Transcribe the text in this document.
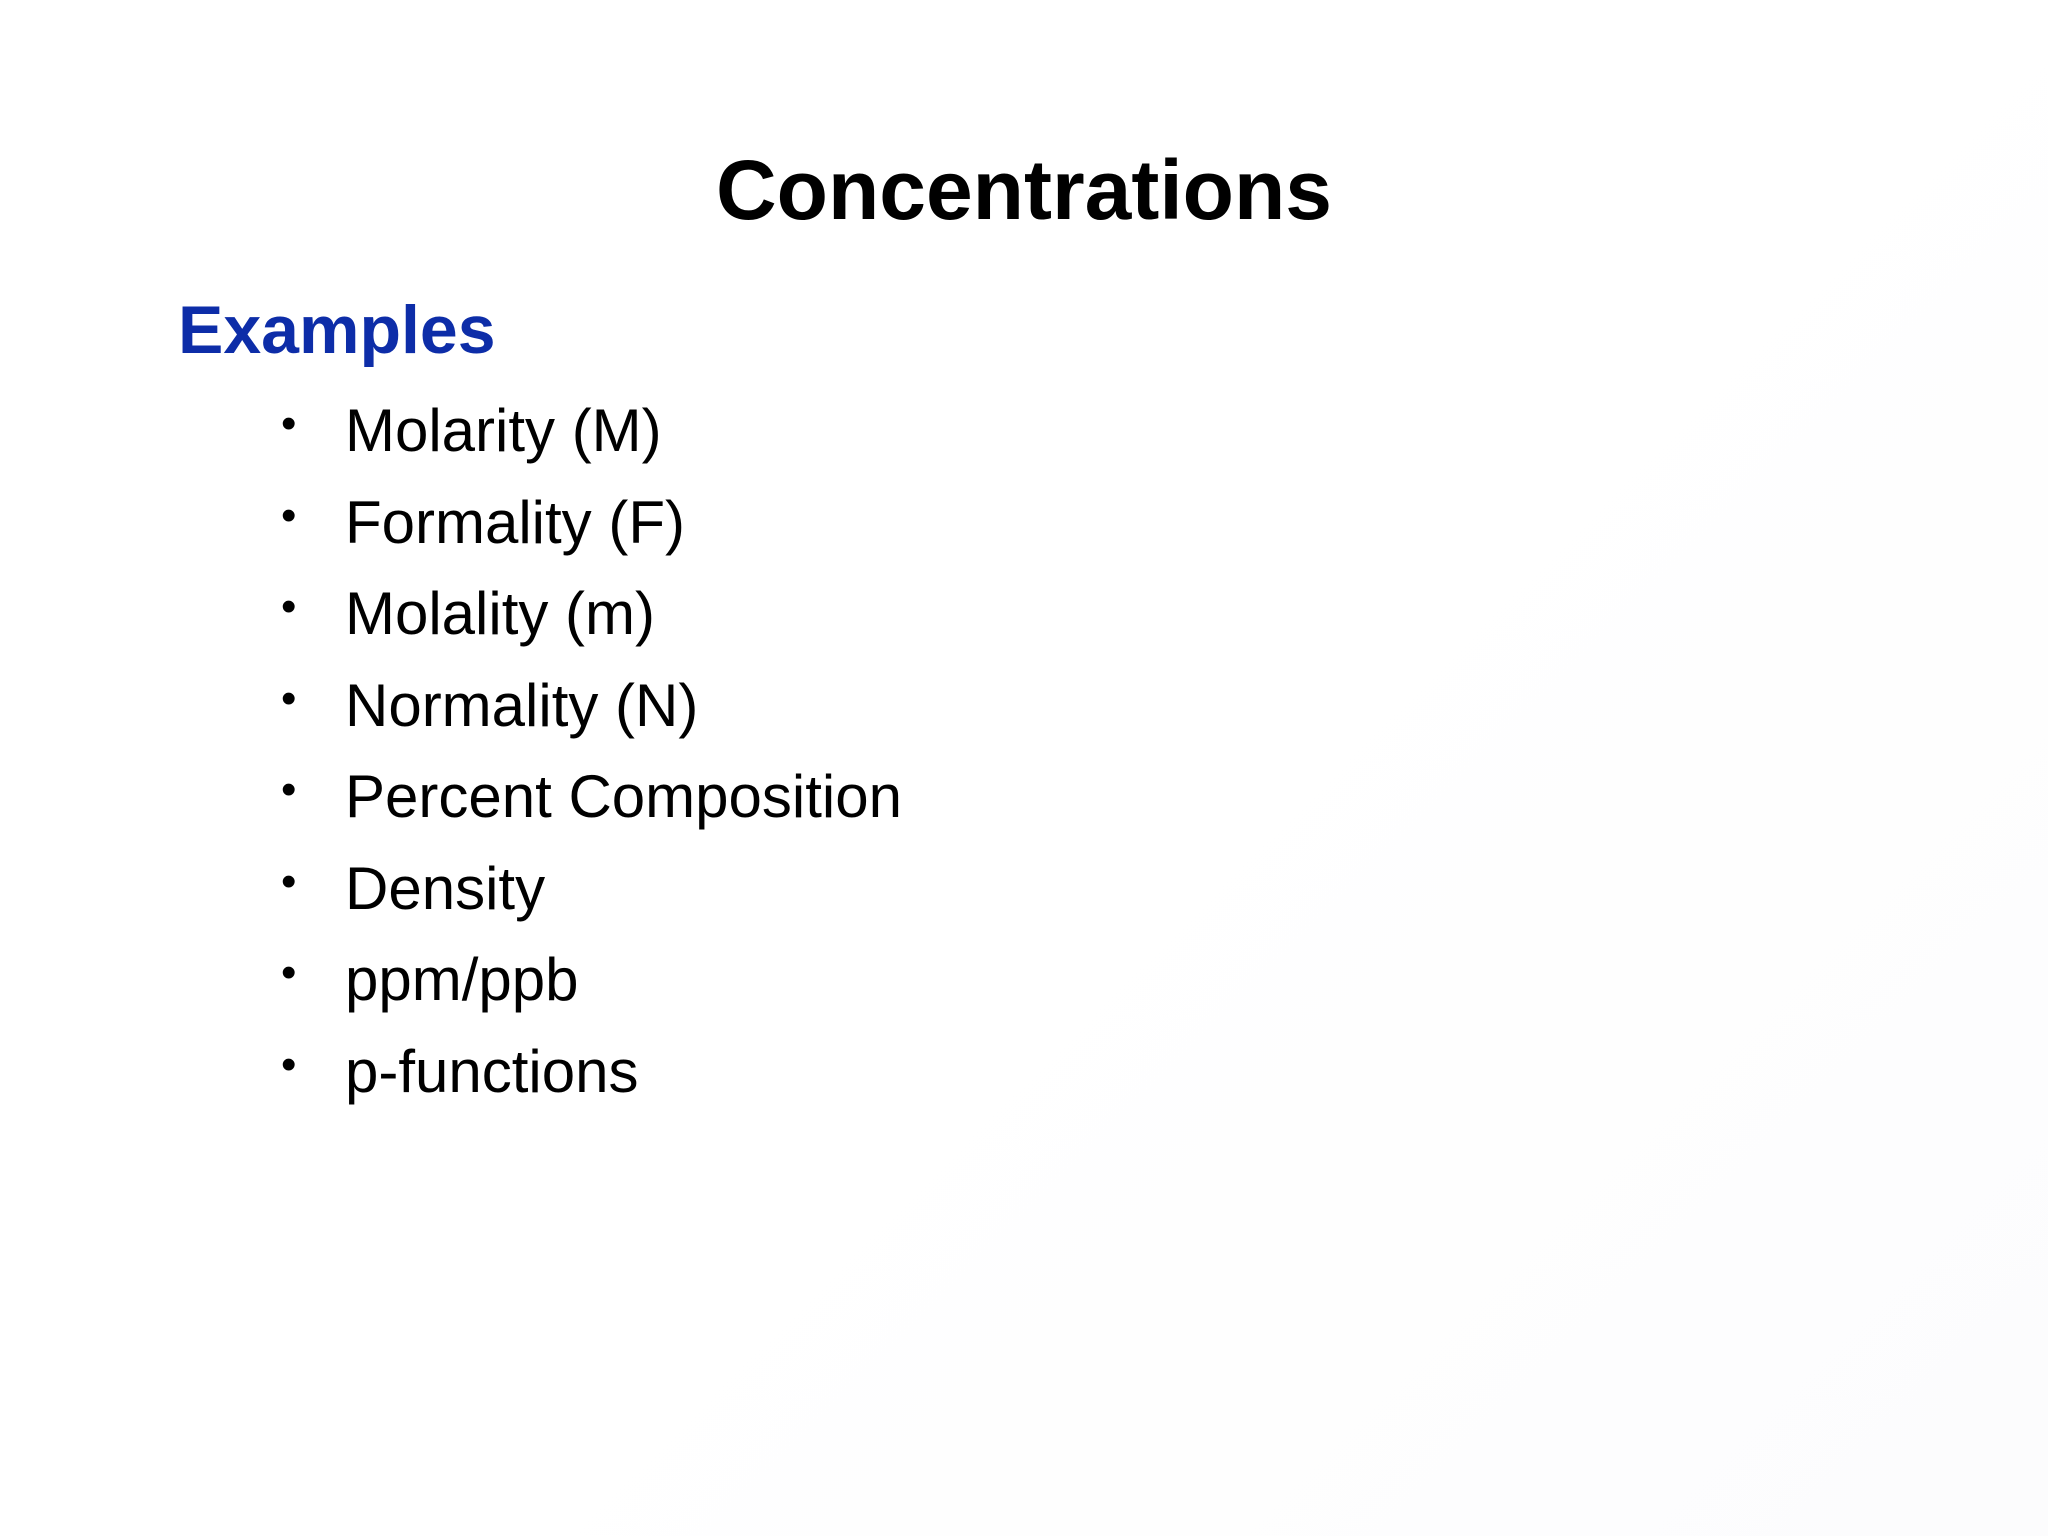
Concentrations
Examples
• Molarity (M)
• Formality (F)
• Molality (m)
• Normality (N)
• Percent Composition
• Density
• ppm/ppb
• p-functions
